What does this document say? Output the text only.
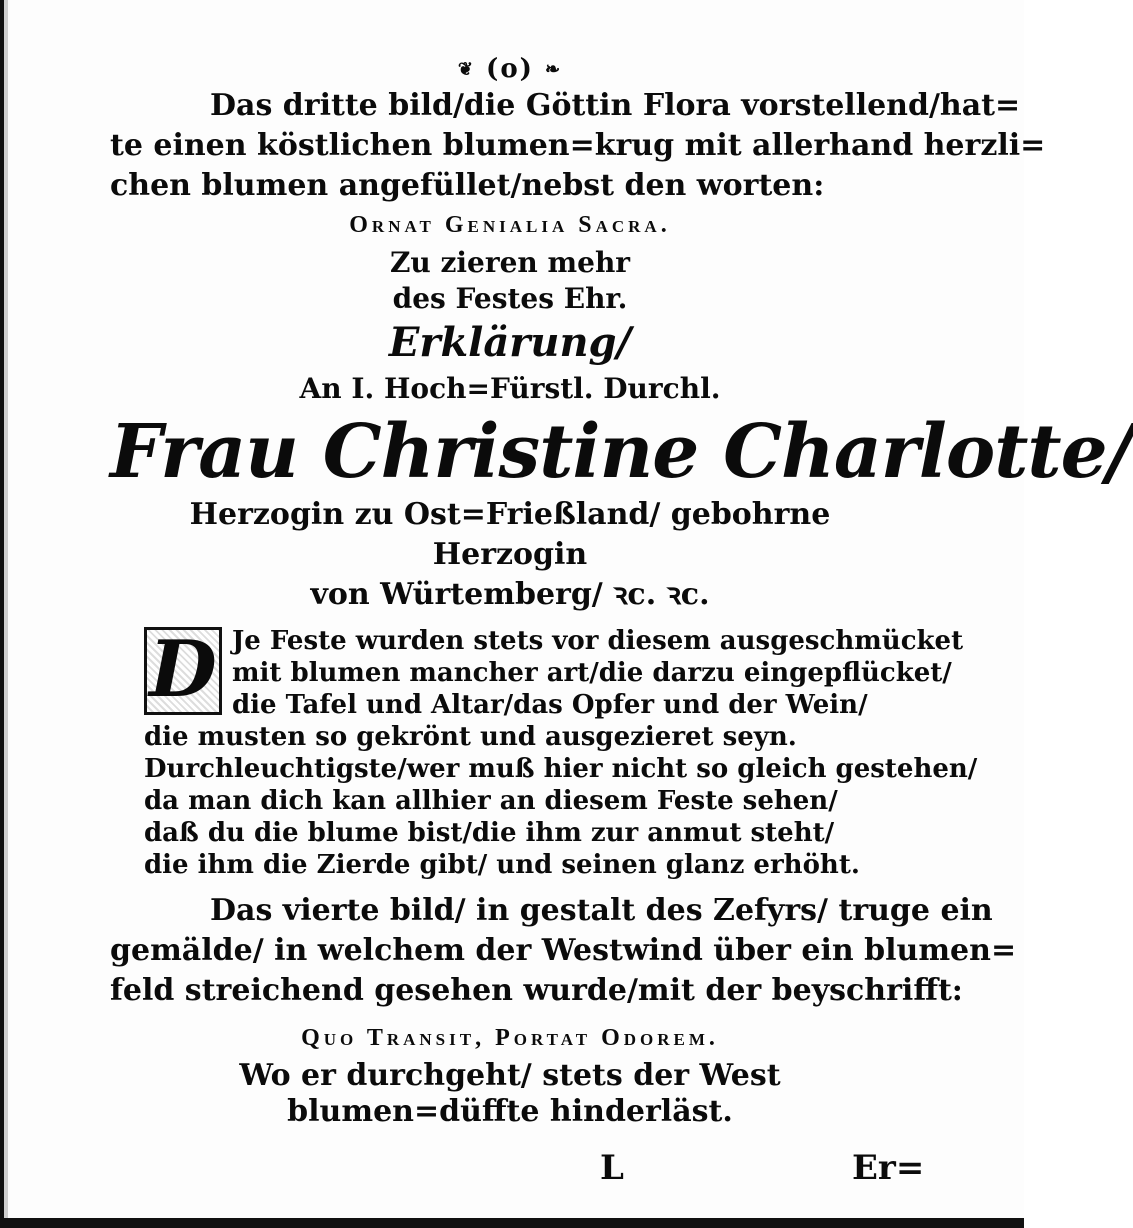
❦ (o) ❧
Das dritte bild/die Göttin Flora vorstellend/hat=
te einen köstlichen blumen=krug mit allerhand herzli=
chen blumen angefüllet/nebst den worten:
Ornat Genialia Sacra.
Zu zieren mehr
des Festes Ehr.
Erklärung/
An I. Hoch=Fürstl. Durchl.
Frau Christine Charlotte/
Herzogin zu Ost=Frießland/ gebohrne Herzogin
von Würtemberg/ ꝛc. ꝛc.
D Je Feste wurden stets vor diesem ausgeschmücket
mit blumen mancher art/die darzu eingepflücket/
die Tafel und Altar/das Opfer und der Wein/
die musten so gekrönt und ausgezieret seyn.
Durchleuchtigste/wer muß hier nicht so gleich gestehen/
da man dich kan allhier an diesem Feste sehen/
daß du die blume bist/die ihm zur anmut steht/
die ihm die Zierde gibt/ und seinen glanz erhöht.
Das vierte bild/ in gestalt des Zefyrs/ truge ein
gemälde/ in welchem der Westwind über ein blumen=
feld streichend gesehen wurde/mit der beyschrifft:
Quo Transit, Portat Odorem.
Wo er durchgeht/ stets der West
blumen=düffte hinderläst.
L	Er=
